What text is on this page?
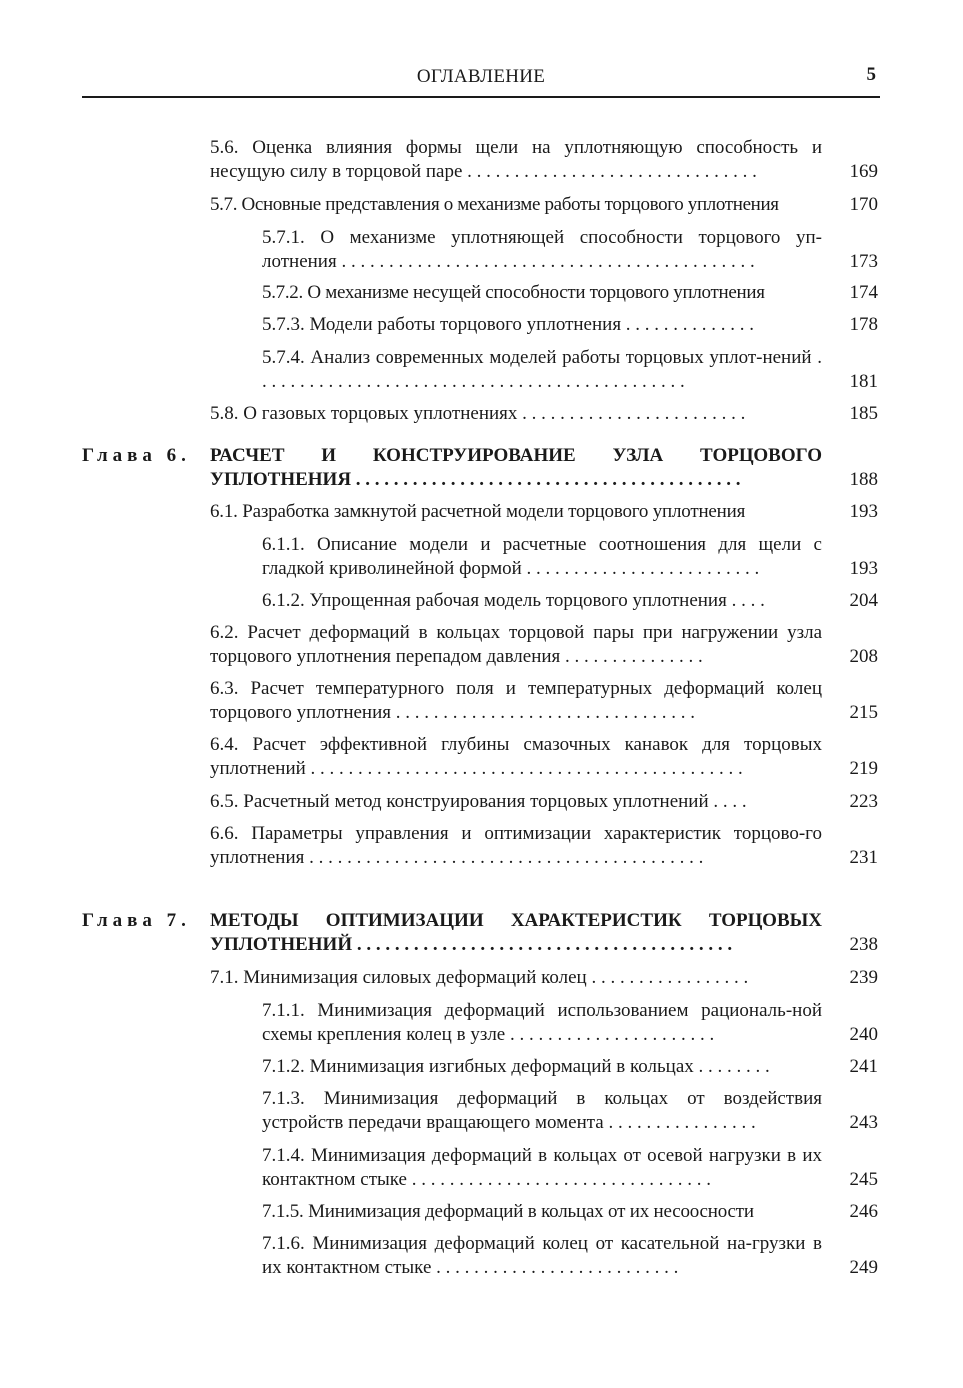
ОГЛАВЛЕНИЕ	5
5.6. Оценка влияния формы щели на уплотняющую способность и несущую силу в торцовой паре . . . . . . . . . . . . . . . . . . . . . . . . . . . . . . .	169
5.7. Основные представления о механизме работы торцового уплотнения	170
5.7.1. О механизме уплотняющей способности торцового уп-лотнения . . . . . . . . . . . . . . . . . . . . . . . . . . . . . . . . . . . . . . . . . . . .	173
5.7.2. О механизме несущей способности торцового уплотнения	174
5.7.3. Модели работы торцового уплотнения . . . . . . . . . . . . . .	178
5.7.4. Анализ современных моделей работы торцовых уплот-нений . . . . . . . . . . . . . . . . . . . . . . . . . . . . . . . . . . . . . . . . . . . . . .	181
5.8. О газовых торцовых уплотнениях . . . . . . . . . . . . . . . . . . . . . . . .	185
Глава 6. РАСЧЕТ И КОНСТРУИРОВАНИЕ УЗЛА ТОРЦОВОГО УПЛОТНЕНИЯ . . . . . . . . . . . . . . . . . . . . . . . . . . . . . . . . . . . . . . . . .	188
6.1. Разработка замкнутой расчетной модели торцового уплотнения	193
6.1.1. Описание модели и расчетные соотношения для щели с гладкой криволинейной формой . . . . . . . . . . . . . . . . . . . . . . . . .	193
6.1.2. Упрощенная рабочая модель торцового уплотнения . . . .	204
6.2. Расчет деформаций в кольцах торцовой пары при нагружении узла торцового уплотнения перепадом давления . . . . . . . . . . . . . . .	208
6.3. Расчет температурного поля и температурных деформаций колец торцового уплотнения . . . . . . . . . . . . . . . . . . . . . . . . . . . . . . . .	215
6.4. Расчет эффективной глубины смазочных канавок для торцовых уплотнений . . . . . . . . . . . . . . . . . . . . . . . . . . . . . . . . . . . . . . . . . . . . . .	219
6.5. Расчетный метод конструирования торцовых уплотнений . . . .	223
6.6. Параметры управления и оптимизации характеристик торцово-го уплотнения . . . . . . . . . . . . . . . . . . . . . . . . . . . . . . . . . . . . . . . . . .	231
Глава 7. МЕТОДЫ ОПТИМИЗАЦИИ ХАРАКТЕРИСТИК ТОРЦОВЫХ УПЛОТНЕНИЙ . . . . . . . . . . . . . . . . . . . . . . . . . . . . . . . . . . . . . . . .	238
7.1. Минимизация силовых деформаций колец . . . . . . . . . . . . . . . . .	239
7.1.1. Минимизация деформаций использованием рациональ-ной схемы крепления колец в узле . . . . . . . . . . . . . . . . . . . . . .	240
7.1.2. Минимизация изгибных деформаций в кольцах . . . . . . . .	241
7.1.3. Минимизация деформаций в кольцах от воздействия устройств передачи вращающего момента . . . . . . . . . . . . . . . .	243
7.1.4. Минимизация деформаций в кольцах от осевой нагрузки в их контактном стыке . . . . . . . . . . . . . . . . . . . . . . . . . . . . . . . .	245
7.1.5. Минимизация деформаций в кольцах от их несоосности	246
7.1.6. Минимизация деформаций колец от касательной на-грузки в их контактном стыке . . . . . . . . . . . . . . . . . . . . . . . . . .	249
